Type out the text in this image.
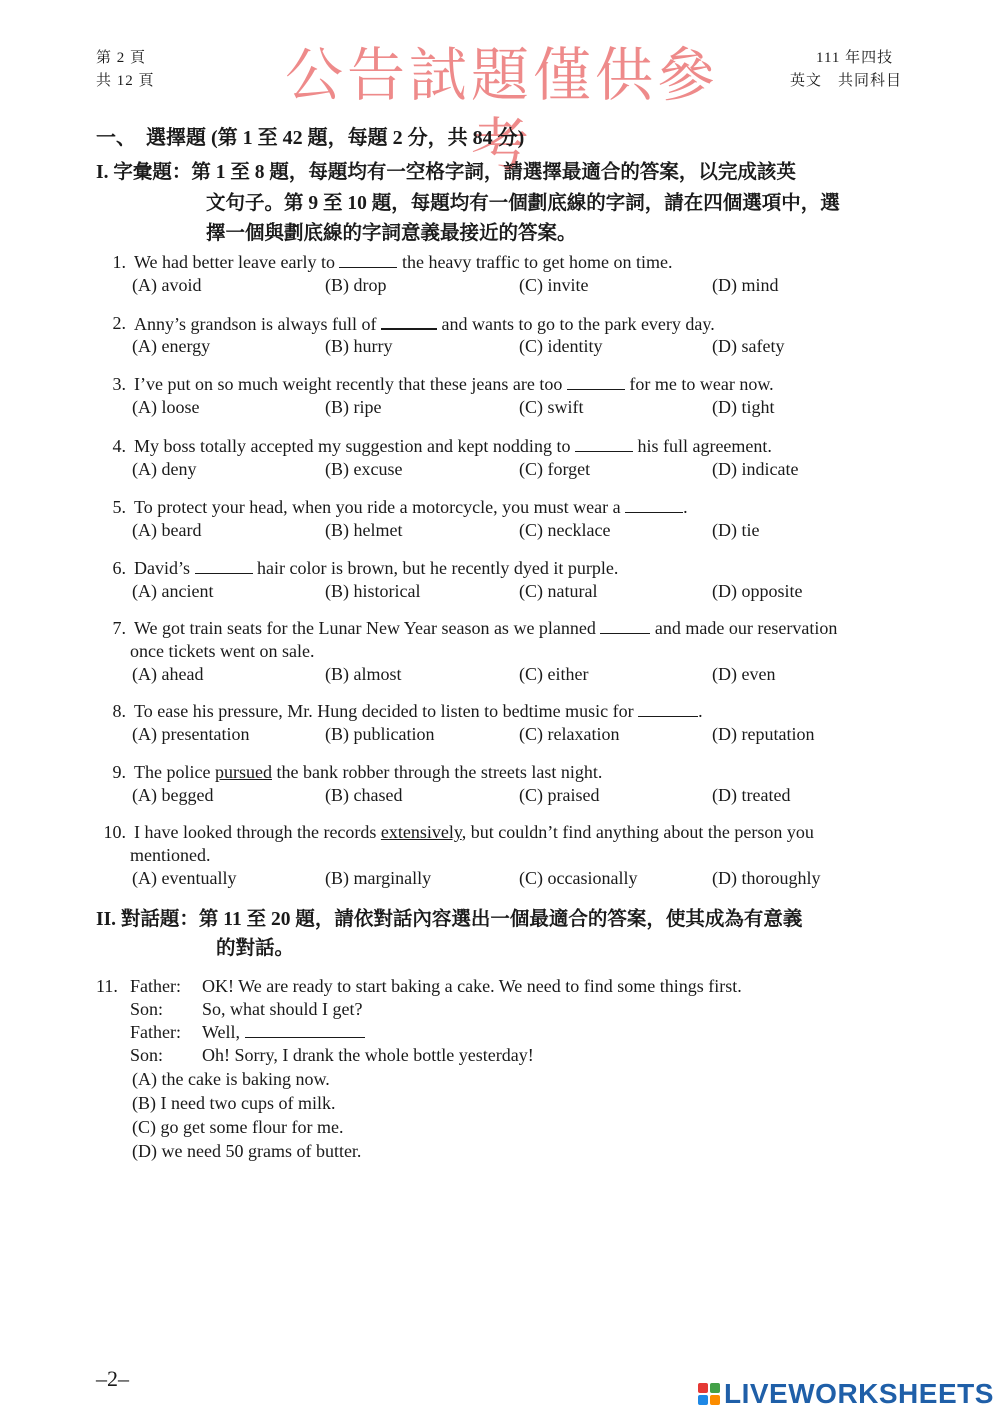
第 2 頁
共 12 頁	公告試題僅供參考
111 年四技
英文　共同科目
一、　選擇題 (第 1 至 42 題，每題 2 分，共 84 分)
I. 字彙題：第 1 至 8 題，每題均有一空格字詞，請選擇最適合的答案，以完成該英
文句子。第 9 至 10 題，每題均有一個劃底線的字詞，請在四個選項中，選
擇一個與劃底線的字詞意義最接近的答案。
1. We had better leave early to	the heavy traffic to get home on time.
(A) avoid	(B) drop	(C) invite	(D) mind
2. Anny’s grandson is always full of	and wants to go to the park every day.
(A) energy	(B) hurry	(C) identity	(D) safety
3. I’ve put on so much weight recently that these jeans are too	for me to wear now.
(A) loose	(B) ripe	(C) swift	(D) tight
4. My boss totally accepted my suggestion and kept nodding to	his full agreement.
(A) deny	(B) excuse	(C) forget	(D) indicate
5. To protect your head, when you ride a motorcycle, you must wear a	.
(A) beard	(B) helmet	(C) necklace	(D) tie
6. David’s	hair color is brown, but he recently dyed it purple.
(A) ancient	(B) historical	(C) natural	(D) opposite
7. We got train seats for the Lunar New Year season as we planned	and made our reservation
once tickets went on sale.
(A) ahead	(B) almost	(C) either	(D) even
8. To ease his pressure, Mr. Hung decided to listen to bedtime music for	.
(A) presentation	(B) publication	(C) relaxation	(D) reputation
9. The police pursued the bank robber through the streets last night.
(A) begged	(B) chased	(C) praised	(D) treated
10. I have looked through the records extensively, but couldn’t find anything about the person you
mentioned.
(A) eventually	(B) marginally	(C) occasionally	(D) thoroughly
II. 對話題：第 11 至 20 題，請依對話內容選出一個最適合的答案，使其成為有意義
的對話。
11. Father: OK! We are ready to start baking a cake. We need to find some things first.
Son: So, what should I get?
Father: Well,
Son: Oh! Sorry, I drank the whole bottle yesterday!
(A) the cake is baking now.
(B) I need two cups of milk.
(C) go get some flour for me.
(D) we need 50 grams of butter.
–2–	LIVEWORKSHEETS
